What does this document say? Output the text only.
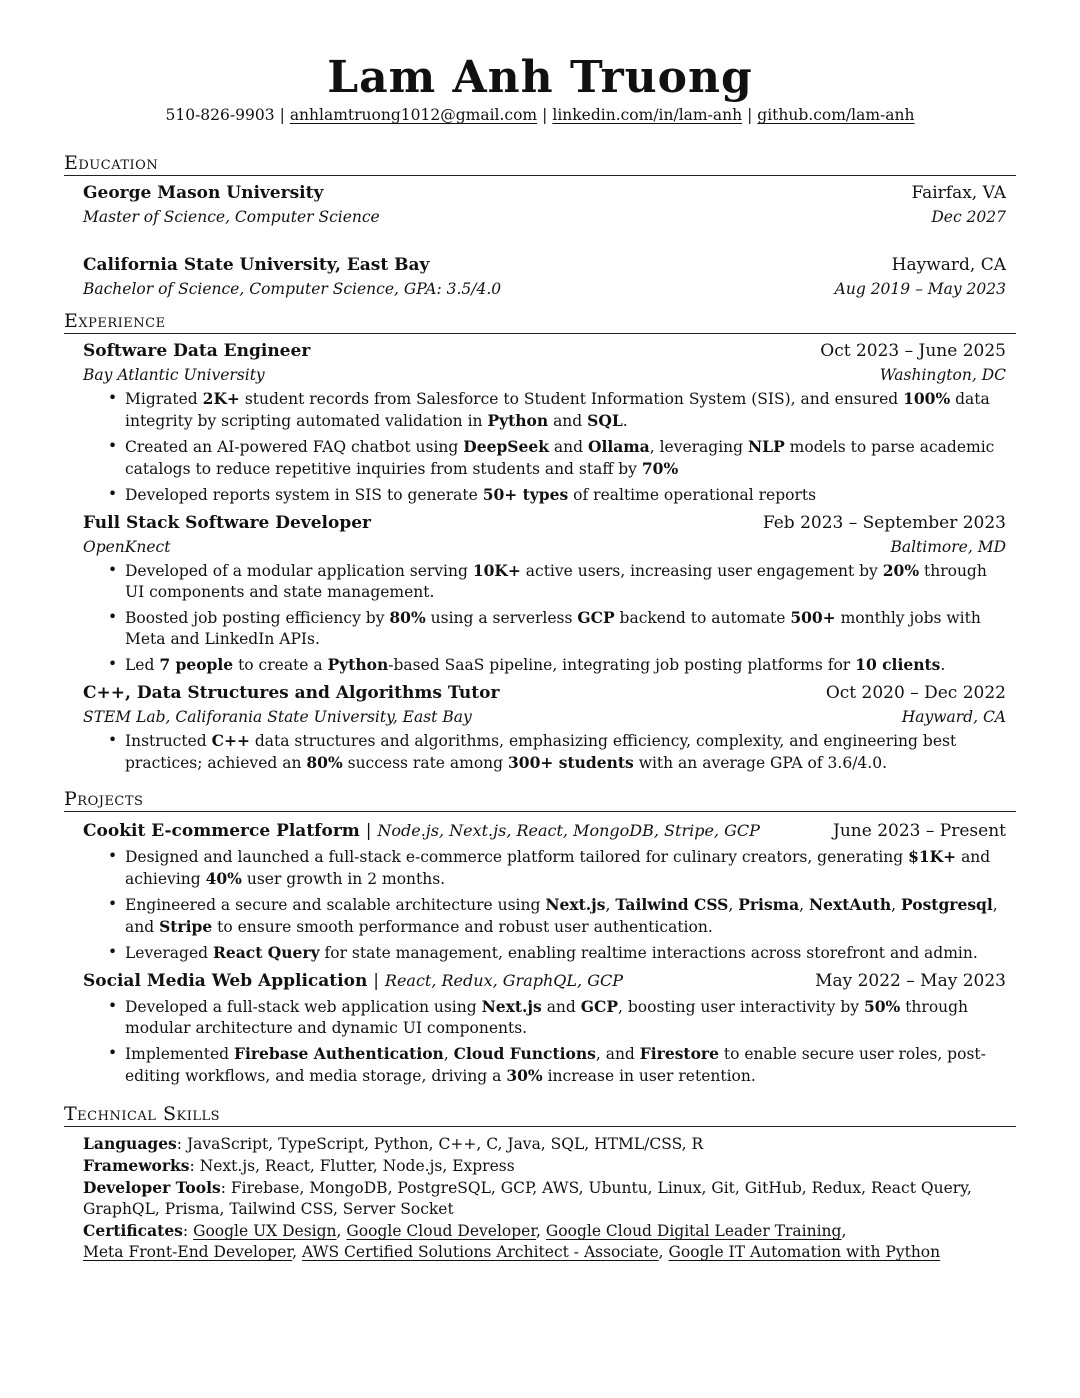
Lam Anh Truong
510-826-9903 | anhlamtruong1012@gmail.com | linkedin.com/in/lam-anh | github.com/lam-anh
Education
George Mason University	Fairfax, VA
Master of Science, Computer Science	Dec 2027
California State University, East Bay	Hayward, CA
Bachelor of Science, Computer Science, GPA: 3.5/4.0	Aug 2019 – May 2023
Experience
Software Data Engineer	Oct 2023 – June 2025
Bay Atlantic University	Washington, DC
• Migrated 2K+ student records from Salesforce to Student Information System (SIS), and ensured 100% data integrity by scripting automated validation in Python and SQL.
• Created an AI-powered FAQ chatbot using DeepSeek and Ollama, leveraging NLP models to parse academic catalogs to reduce repetitive inquiries from students and staff by 70%
• Developed reports system in SIS to generate 50+ types of realtime operational reports
Full Stack Software Developer	Feb 2023 – September 2023
OpenKnect	Baltimore, MD
• Developed of a modular application serving 10K+ active users, increasing user engagement by 20% through UI components and state management.
• Boosted job posting efficiency by 80% using a serverless GCP backend to automate 500+ monthly jobs with Meta and LinkedIn APIs.
• Led 7 people to create a Python-based SaaS pipeline, integrating job posting platforms for 10 clients.
C++, Data Structures and Algorithms Tutor	Oct 2020 – Dec 2022
STEM Lab, Califorania State University, East Bay	Hayward, CA
• Instructed C++ data structures and algorithms, emphasizing efficiency, complexity, and engineering best practices; achieved an 80% success rate among 300+ students with an average GPA of 3.6/4.0.
Projects
Cookit E-commerce Platform | Node.js, Next.js, React, MongoDB, Stripe, GCP	June 2023 – Present
• Designed and launched a full-stack e-commerce platform tailored for culinary creators, generating $1K+ and achieving 40% user growth in 2 months.
• Engineered a secure and scalable architecture using Next.js, Tailwind CSS, Prisma, NextAuth, Postgresql, and Stripe to ensure smooth performance and robust user authentication.
• Leveraged React Query for state management, enabling realtime interactions across storefront and admin.
Social Media Web Application | React, Redux, GraphQL, GCP	May 2022 – May 2023
• Developed a full-stack web application using Next.js and GCP, boosting user interactivity by 50% through modular architecture and dynamic UI components.
• Implemented Firebase Authentication, Cloud Functions, and Firestore to enable secure user roles, post-editing workflows, and media storage, driving a 30% increase in user retention.
Technical Skills
Languages: JavaScript, TypeScript, Python, C++, C, Java, SQL, HTML/CSS, R
Frameworks: Next.js, React, Flutter, Node.js, Express
Developer Tools: Firebase, MongoDB, PostgreSQL, GCP, AWS, Ubuntu, Linux, Git, GitHub, Redux, React Query, GraphQL, Prisma, Tailwind CSS, Server Socket
Certificates: Google UX Design, Google Cloud Developer, Google Cloud Digital Leader Training,
Meta Front-End Developer, AWS Certified Solutions Architect - Associate, Google IT Automation with Python
